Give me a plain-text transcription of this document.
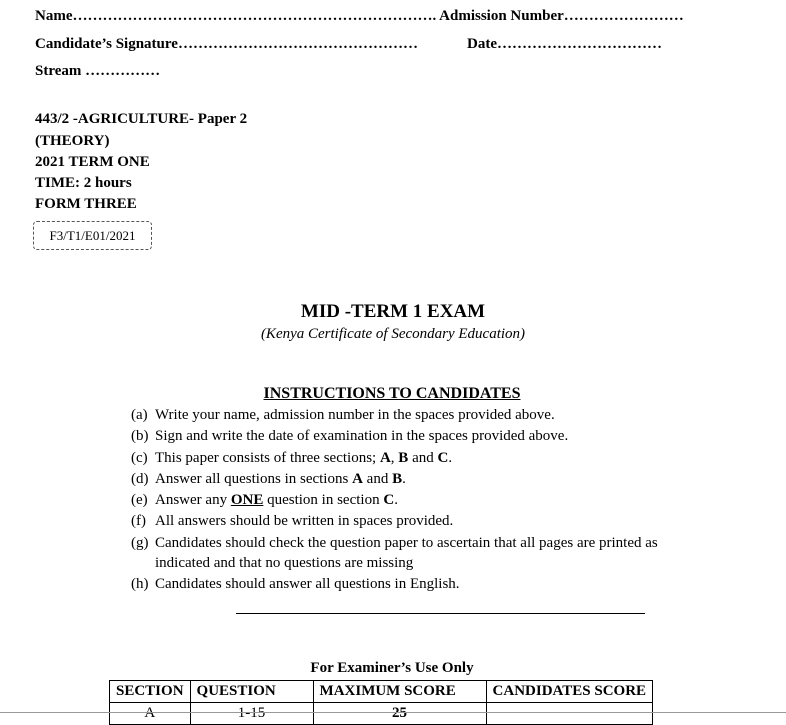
Name………………………………………………………………. Admission Number……………………
Candidate’s Signature…………………………………………	Date……………………………
Stream ……………
443/2 -AGRICULTURE- Paper 2
(THEORY)
2021 TERM ONE
TIME: 2 hours
FORM THREE
F3/T1/E01/2021
MID -TERM 1 EXAM
(Kenya Certificate of Secondary Education)
INSTRUCTIONS TO CANDIDATES
(a) Write your name, admission number in the spaces provided above.
(b) Sign and write the date of examination in the spaces provided above.
(c) This paper consists of three sections; A, B and C.
(d) Answer all questions in sections A and B.
(e) Answer any ONE question in section C.
(f) All answers should be written in spaces provided.
(g) Candidates should check the question paper to ascertain that all pages are printed as
indicated and that no questions are missing
(h) Candidates should answer all questions in English.
For Examiner’s Use Only
SECTION	QUESTION	MAXIMUM SCORE	CANDIDATES SCORE
A	1-15	25	
